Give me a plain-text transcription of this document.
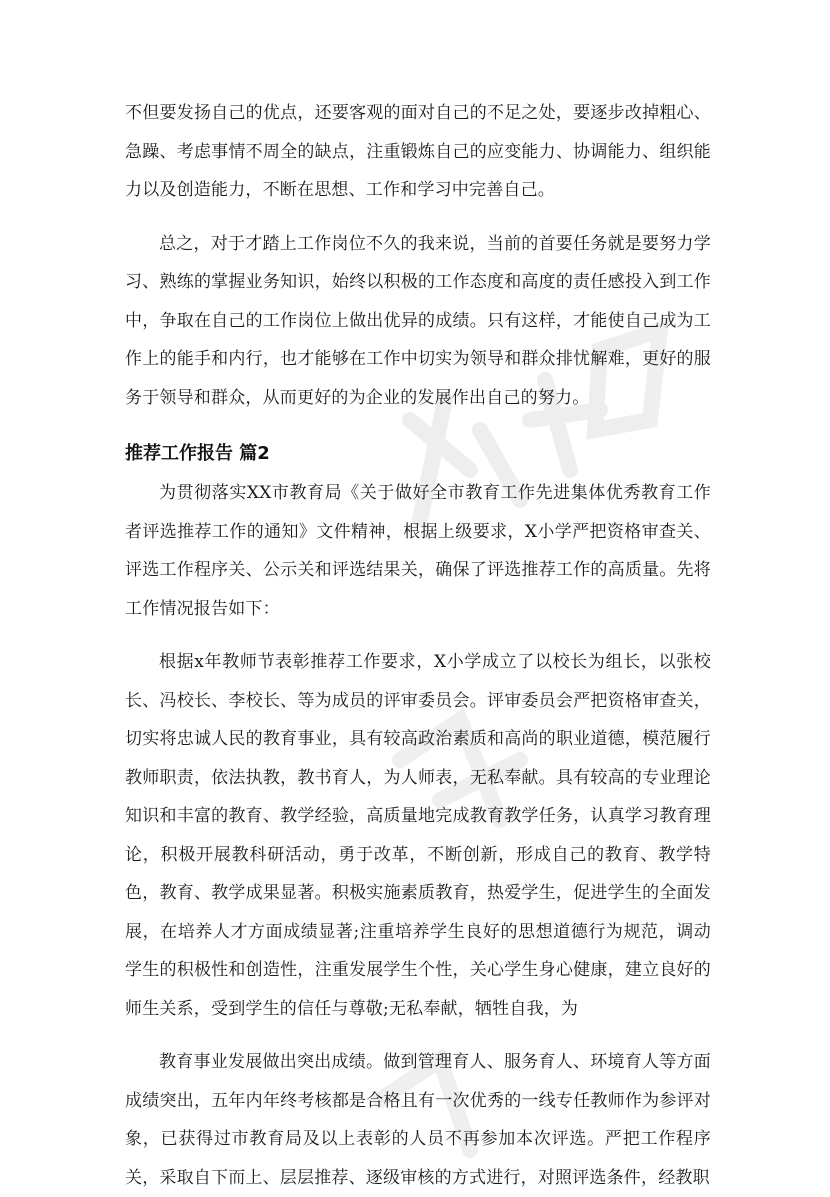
不但要发扬自己的优点，还要客观的面对自己的不足之处，要逐步改掉粗心、急躁、考虑事情不周全的缺点，注重锻炼自己的应变能力、协调能力、组织能力以及创造能力，不断在思想、工作和学习中完善自己。

总之，对于才踏上工作岗位不久的我来说，当前的首要任务就是要努力学习、熟练的掌握业务知识，始终以积极的工作态度和高度的责任感投入到工作中，争取在自己的工作岗位上做出优异的成绩。只有这样，才能使自己成为工作上的能手和内行，也才能够在工作中切实为领导和群众排忧解难，更好的服务于领导和群众，从而更好的为企业的发展作出自己的努力。

推荐工作报告 篇2

为贯彻落实XX市教育局《关于做好全市教育工作先进集体优秀教育工作者评选推荐工作的通知》文件精神，根据上级要求，X小学严把资格审查关、评选工作程序关、公示关和评选结果关，确保了评选推荐工作的高质量。先将工作情况报告如下：

根据x年教师节表彰推荐工作要求，X小学成立了以校长为组长，以张校长、冯校长、李校长、等为成员的评审委员会。评审委员会严把资格审查关，切实将忠诚人民的教育事业，具有较高政治素质和高尚的职业道德，模范履行教师职责，依法执教，教书育人，为人师表，无私奉献。具有较高的专业理论知识和丰富的教育、教学经验，高质量地完成教育教学任务，认真学习教育理论，积极开展教科研活动，勇于改革，不断创新，形成自己的教育、教学特色，教育、教学成果显著。积极实施素质教育，热爱学生，促进学生的全面发展，在培养人才方面成绩显著;注重培养学生良好的思想道德行为规范，调动学生的积极性和创造性，注重发展学生个性，关心学生身心健康，建立良好的师生关系，受到学生的信任与尊敬;无私奉献，牺牲自我，为

教育事业发展做出突出成绩。做到管理育人、服务育人、环境育人等方面成绩突出，五年内年终考核都是合格且有一次优秀的一线专任教师作为参评对象，已获得过市教育局及以上表彰的人员不再参加本次评选。严把工作程序关，采取自下而上、层层推荐、逐级审核的方式进行，对照评选条件，经教职
